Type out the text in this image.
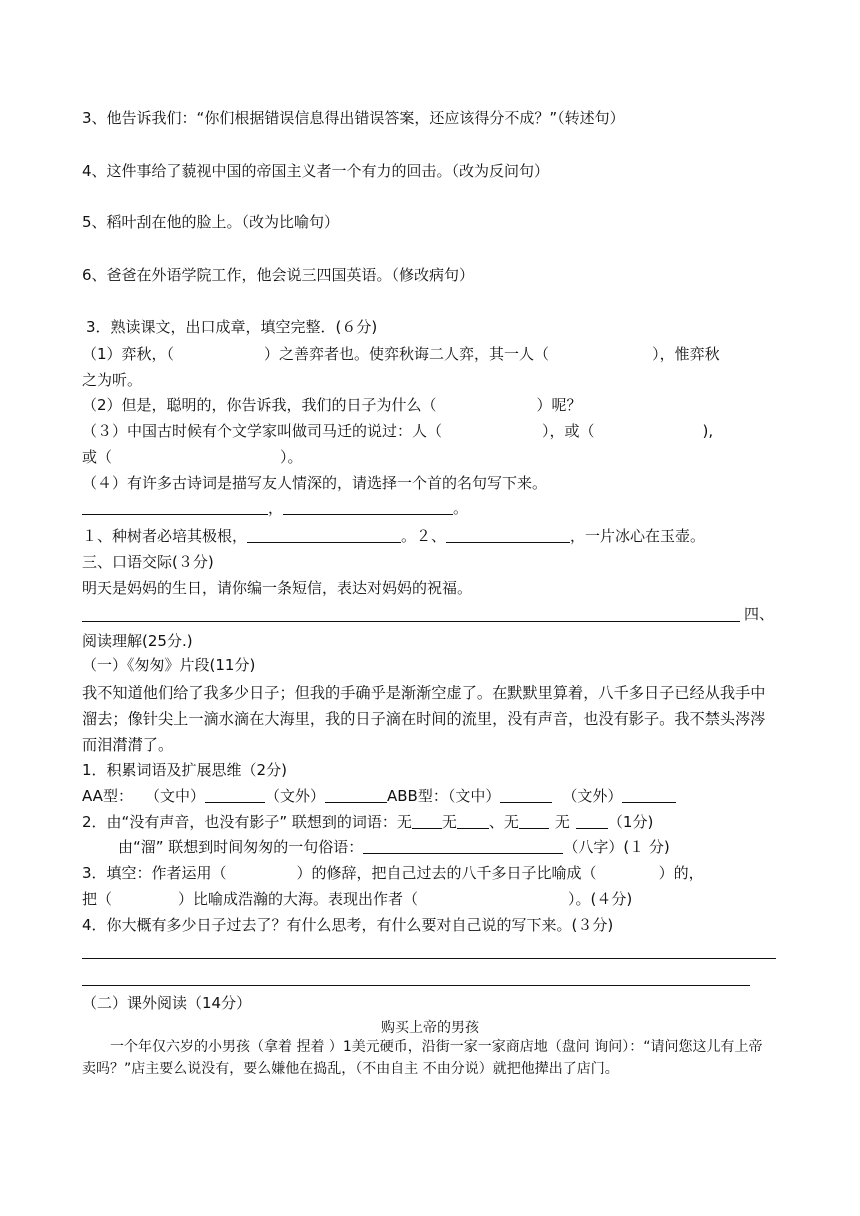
3、他告诉我们：“你们根据错误信息得出错误答案，还应该得分不成？”（转述句）
4、这件事给了藐视中国的帝国主义者一个有力的回击。（改为反问句）
5、稻叶刮在他的脸上。（改为比喻句）
6、爸爸在外语学院工作，他会说三四国英语。（修改病句）
3．熟读课文，出口成章，填空完整．(６分)
（1）弈秋，（	）之善弈者也。使弈秋诲二人弈，其一人（	），惟弈秋
之为听。
（2）但是，聪明的，你告诉我，我们的日子为什么（	）呢？
（３）中国古时候有个文学家叫做司马迁的说过：人（	），或（	),
或（	）。
（４）有许多古诗词是描写友人情深的，请选择一个首的名句写下来。
，	。
１、种树者必培其极根，	。２、	，一片冰心在玉壶。
三、口语交际(３分)
明天是妈妈的生日，请你编一条短信，表达对妈妈的祝福。
四、
阅读理解(25分.)
（一）《匆匆》片段(11分)
我不知道他们给了我多少日子；但我的手确乎是渐渐空虚了。在默默里算着，八千多日子已经从我手中溜去；像针尖上一滴水滴在大海里，我的日子滴在时间的流里，没有声音，也没有影子。我不禁头涔涔而泪潸潸了。
1．积累词语及扩展思维（2分)
AA型： （文中）	（文外）	ABB型：（文中）	（文外）
2．由“没有声音，也没有影子” 联想到的词语：无 无 、无 无	（1分)
由“溜” 联想到时间匆匆的一句俗语：	（八字）(１ 分)
3．填空：作者运用（	）的修辞，把自己过去的八千多日子比喻成（	）的，
把（	）比喻成浩瀚的大海。表现出作者（	）。(４分)
4．你大概有多少日子过去了？有什么思考，有什么要对自己说的写下来。(３分)
（二）课外阅读（14分）
购买上帝的男孩
一个年仅六岁的小男孩（拿着 捏着 ）1美元硬币，沿街一家一家商店地（盘问 询问）：“请问您这儿有上帝卖吗？”店主要么说没有，要么嫌他在捣乱，（不由自主 不由分说）就把他撵出了店门。
